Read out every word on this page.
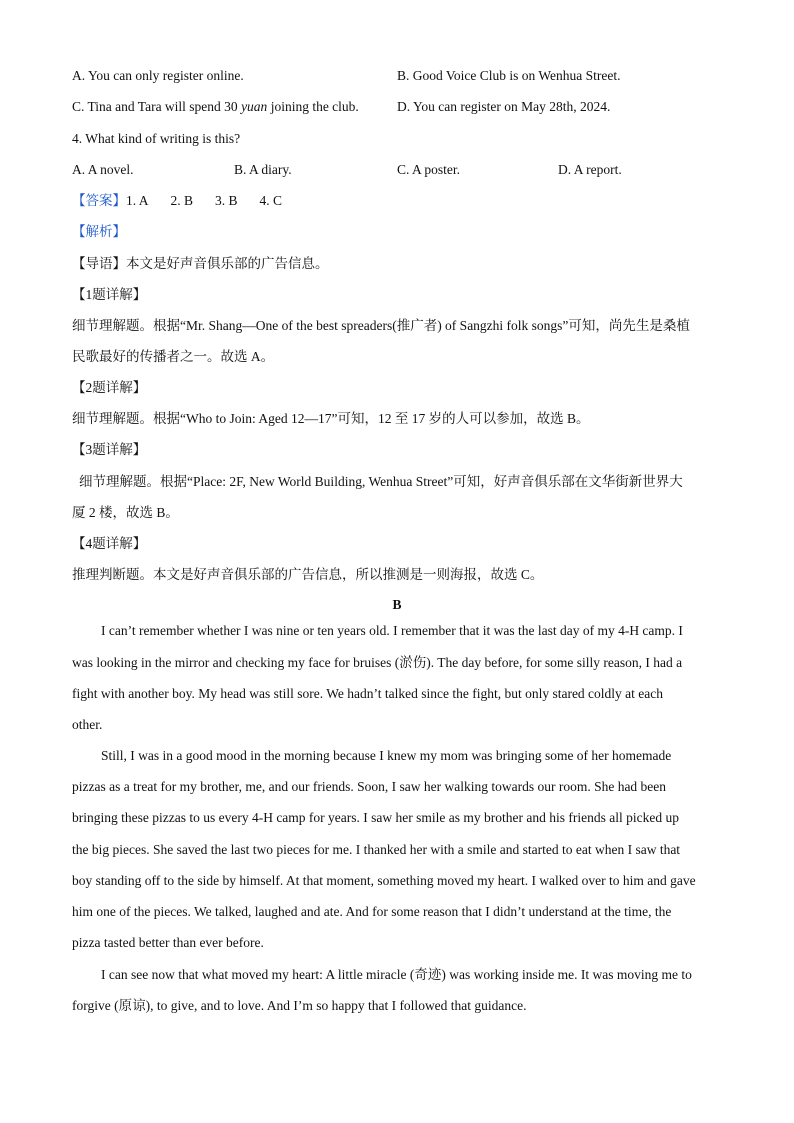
A. You can only register online.	B. Good Voice Club is on Wenhua Street.
C. Tina and Tara will spend 30 yuan joining the club.	D. You can register on May 28th, 2024.
4. What kind of writing is this?
A. A novel.	B. A diary.	C. A poster.	D. A report.
【答案】1. A 2. B 3. B 4. C
【解析】
【导语】本文是好声音俱乐部的广告信息。
【1题详解】
细节理解题。根据“Mr. Shang—One of the best spreaders(推广者) of Sangzhi folk songs”可知，尚先生是桑植
民歌最好的传播者之一。故选 A。
【2题详解】
细节理解题。根据“Who to Join: Aged 12—17”可知，12 至 17 岁的人可以参加，故选 B。
【3题详解】
细节理解题。根据“Place: 2F, New World Building, Wenhua Street”可知，好声音俱乐部在文华街新世界大
厦 2 楼，故选 B。
【4题详解】
推理判断题。本文是好声音俱乐部的广告信息，所以推测是一则海报，故选 C。
B
I can’t remember whether I was nine or ten years old. I remember that it was the last day of my 4-H camp. I
was looking in the mirror and checking my face for bruises (淤伤). The day before, for some silly reason, I had a
fight with another boy. My head was still sore. We hadn’t talked since the fight, but only stared coldly at each
other.
Still, I was in a good mood in the morning because I knew my mom was bringing some of her homemade
pizzas as a treat for my brother, me, and our friends. Soon, I saw her walking towards our room. She had been
bringing these pizzas to us every 4-H camp for years. I saw her smile as my brother and his friends all picked up
the big pieces. She saved the last two pieces for me. I thanked her with a smile and started to eat when I saw that
boy standing off to the side by himself. At that moment, something moved my heart. I walked over to him and gave
him one of the pieces. We talked, laughed and ate. And for some reason that I didn’t understand at the time, the
pizza tasted better than ever before.
I can see now that what moved my heart: A little miracle (奇迹) was working inside me. It was moving me to
forgive (原谅), to give, and to love. And I’m so happy that I followed that guidance.
